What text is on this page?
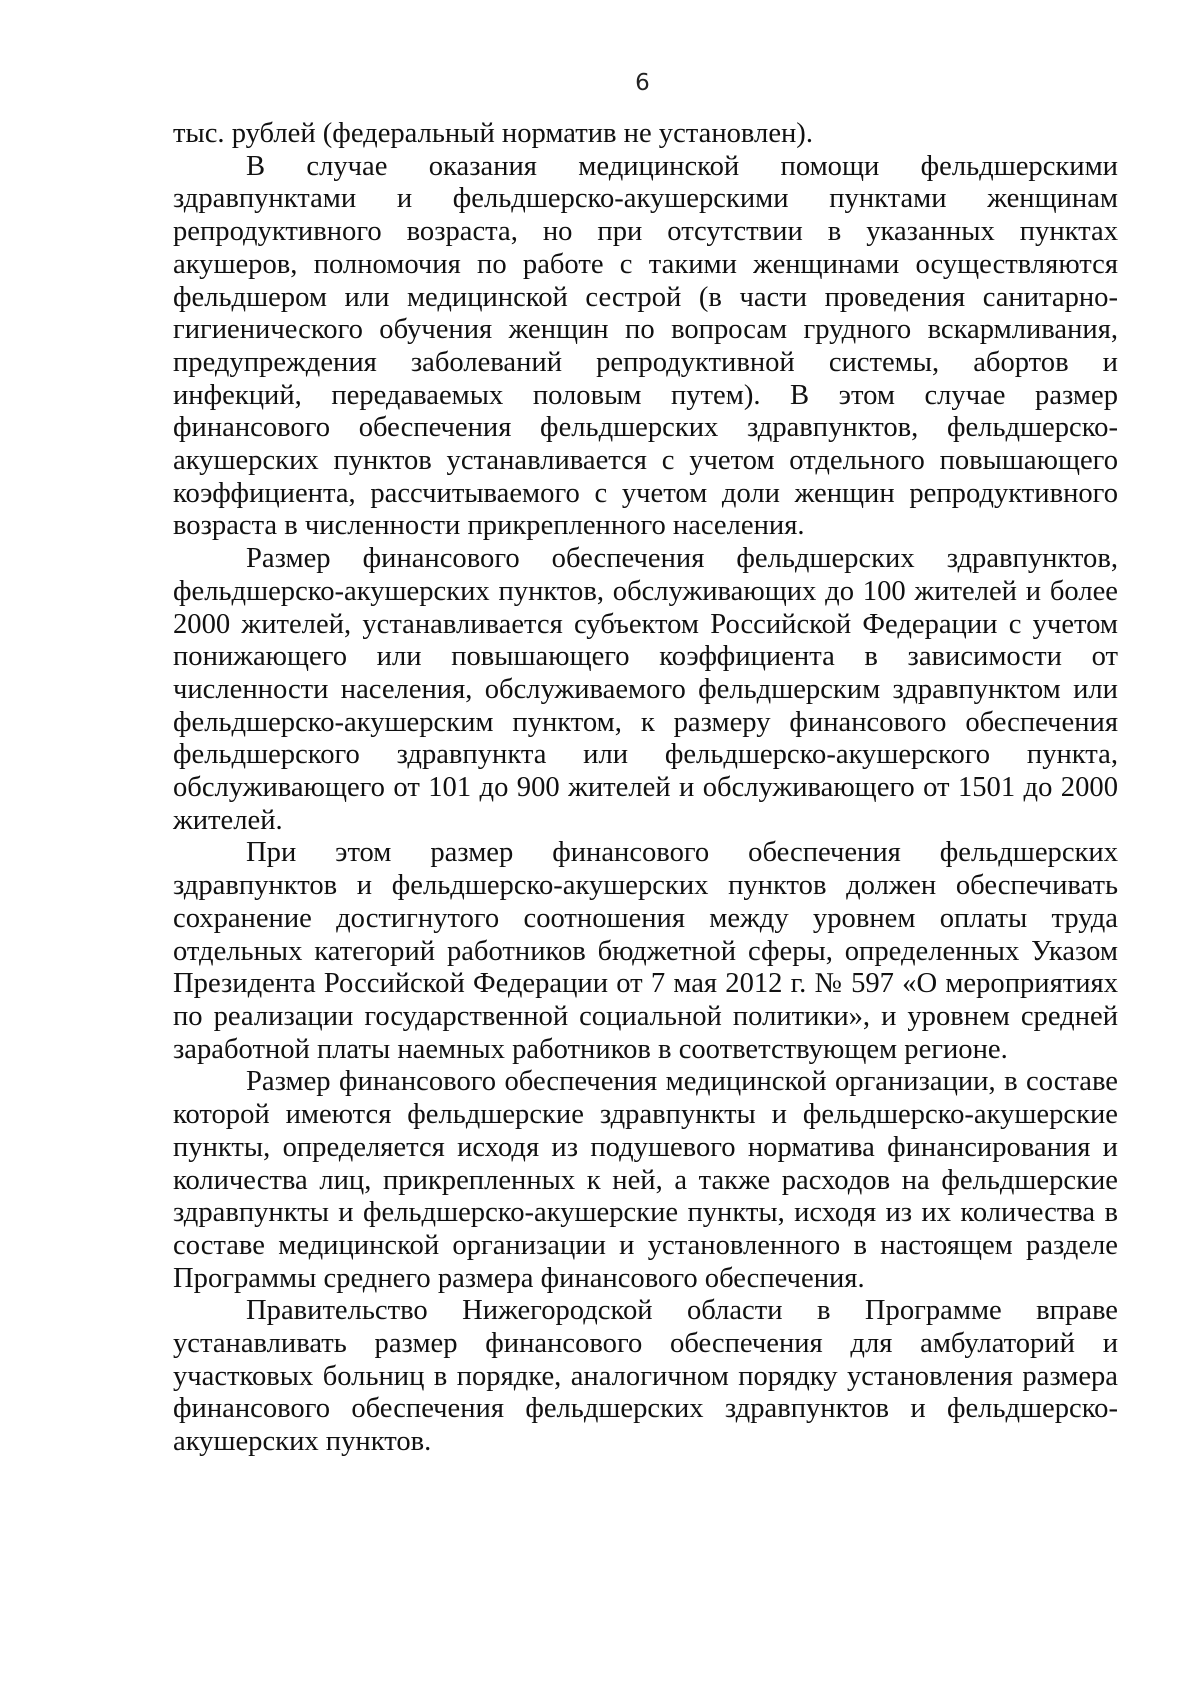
6

тыс. рублей (федеральный норматив не установлен).

В случае оказания медицинской помощи фельдшерскими здравпунктами и фельдшерско-акушерскими пунктами женщинам репродуктивного возраста, но при отсутствии в указанных пунктах акушеров, полномочия по работе с такими женщинами осуществляются фельдшером или медицинской сестрой (в части проведения санитарно-гигиенического обучения женщин по вопросам грудного вскармливания, предупреждения заболеваний репродуктивной системы, абортов и инфекций, передаваемых половым путем). В этом случае размер финансового обеспечения фельдшерских здравпунктов, фельдшерско-акушерских пунктов устанавливается с учетом отдельного повышающего коэффициента, рассчитываемого с учетом доли женщин репродуктивного возраста в численности прикрепленного населения.

Размер финансового обеспечения фельдшерских здравпунктов, фельдшерско-акушерских пунктов, обслуживающих до 100 жителей и более 2000 жителей, устанавливается субъектом Российской Федерации с учетом понижающего или повышающего коэффициента в зависимости от численности населения, обслуживаемого фельдшерским здравпунктом или фельдшерско-акушерским пунктом, к размеру финансового обеспечения фельдшерского здравпункта или фельдшерско-акушерского пункта, обслуживающего от 101 до 900 жителей и обслуживающего от 1501 до 2000 жителей.

При этом размер финансового обеспечения фельдшерских здравпунктов и фельдшерско-акушерских пунктов должен обеспечивать сохранение достигнутого соотношения между уровнем оплаты труда отдельных категорий работников бюджетной сферы, определенных Указом Президента Российской Федерации от 7 мая 2012 г. № 597 «О мероприятиях по реализации государственной социальной политики», и уровнем средней заработной платы наемных работников в соответствующем регионе.

Размер финансового обеспечения медицинской организации, в составе которой имеются фельдшерские здравпункты и фельдшерско-акушерские пункты, определяется исходя из подушевого норматива финансирования и количества лиц, прикрепленных к ней, а также расходов на фельдшерские здравпункты и фельдшерско-акушерские пункты, исходя из их количества в составе медицинской организации и установленного в настоящем разделе Программы среднего размера финансового обеспечения.

Правительство Нижегородской области в Программе вправе устанавливать размер финансового обеспечения для амбулаторий и участковых больниц в порядке, аналогичном порядку установления размера финансового обеспечения фельдшерских здравпунктов и фельдшерско-акушерских пунктов.
